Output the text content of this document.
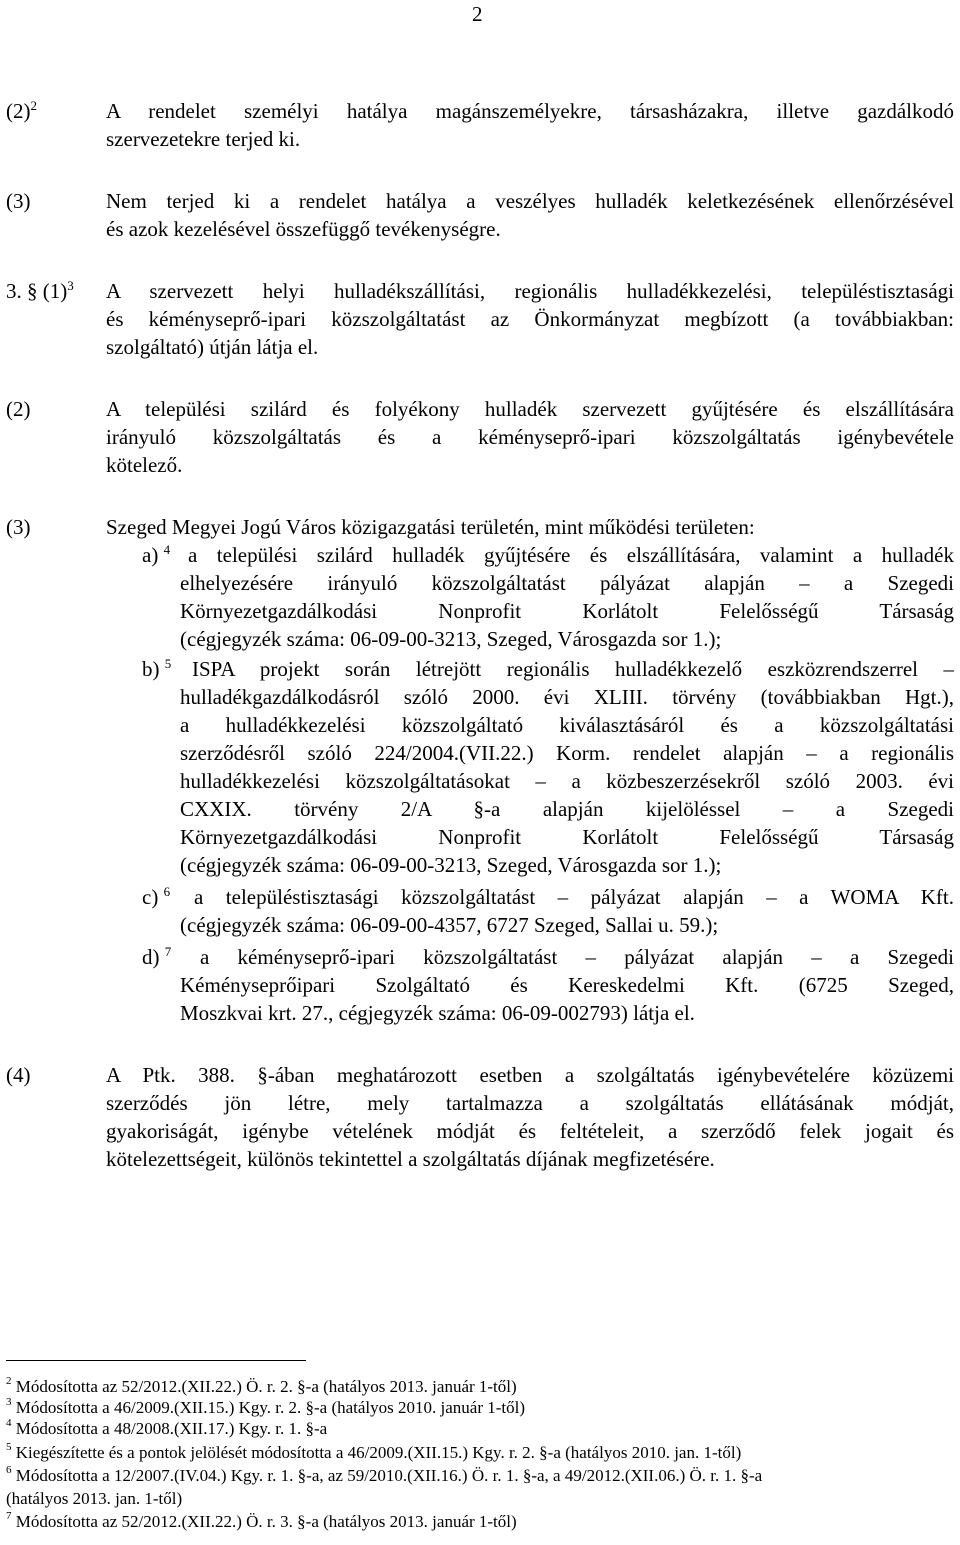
2
$(2)^2$	A rendelet személyi hatálya magánszemélyekre, társasházakra, illetve gazdálkodó
szervezetekre terjed ki.
(3)	Nem terjed ki a rendelet hatálya a veszélyes hulladék keletkezésének ellenőrzésével
és azok kezelésével összefüggő tevékenységre.
3. § $(1)^3$ A szervezett helyi hulladékszállítási, regionális hulladékkezelési, településtisztasági
és kéményseprő-ipari közszolgáltatást az Önkormányzat megbízott (a továbbiakban:
szolgáltató) útján látja el.
(2)	A települési szilárd és folyékony hulladék szervezett gyűjtésére és elszállítására
irányuló közszolgáltatás és a kéményseprő-ipari közszolgáltatás igénybevétele
kötelező.
(3)	Szeged Megyei Jogú Város közigazgatási területén, mint működési területen:
a) $^4$ a települési szilárd hulladék gyűjtésére és elszállítására, valamint a hulladék
elhelyezésére irányuló közszolgáltatást pályázat alapján – a Szegedi
Környezetgazdálkodási Nonprofit Korlátolt Felelősségű Társaság
(cégjegyzék száma: 06-09-00-3213, Szeged, Városgazda sor 1.);
b) $^5$ ISPA projekt során létrejött regionális hulladékkezelő eszközrendszerrel –
hulladékgazdálkodásról szóló 2000. évi XLIII. törvény (továbbiakban Hgt.),
a hulladékkezelési közszolgáltató kiválasztásáról és a közszolgáltatási
szerződésről szóló 224/2004.(VII.22.) Korm. rendelet alapján – a regionális
hulladékkezelési közszolgáltatásokat – a közbeszerzésekről szóló 2003. évi
CXXIX. törvény 2/A §-a alapján kijelöléssel – a Szegedi
Környezetgazdálkodási Nonprofit Korlátolt Felelősségű Társaság
(cégjegyzék száma: 06-09-00-3213, Szeged, Városgazda sor 1.);
c) $^6$ a településtisztasági közszolgáltatást – pályázat alapján – a WOMA Kft.
(cégjegyzék száma: 06-09-00-4357, 6727 Szeged, Sallai u. 59.);
d) $^7$ a kéményseprő-ipari közszolgáltatást – pályázat alapján – a Szegedi
Kéményseprőipari Szolgáltató és Kereskedelmi Kft. (6725 Szeged,
Moszkvai krt. 27., cégjegyzék száma: 06-09-002793) látja el.
(4)	A Ptk. 388. §-ában meghatározott esetben a szolgáltatás igénybevételére közüzemi
szerződés jön létre, mely tartalmazza a szolgáltatás ellátásának módját,
gyakoriságát, igénybe vételének módját és feltételeit, a szerződő felek jogait és
kötelezettségeit, különös tekintettel a szolgáltatás díjának megfizetésére.
$^2$ Módosította az 52/2012.(XII.22.) Ö. r. 2. §-a (hatályos 2013. január 1-től)
$^3$ Módosította a 46/2009.(XII.15.) Kgy. r. 2. §-a (hatályos 2010. január 1-től)
$^4$ Módosította a 48/2008.(XII.17.) Kgy. r. 1. §-a
$^5$ Kiegészítette és a pontok jelölését módosította a 46/2009.(XII.15.) Kgy. r. 2. §-a (hatályos 2010. jan. 1-től)
$^6$ Módosította a 12/2007.(IV.04.) Kgy. r. 1. §-a, az 59/2010.(XII.16.) Ö. r. 1. §-a, a 49/2012.(XII.06.) Ö. r. 1. §-a
(hatályos 2013. jan. 1-től)
$^7$ Módosította az 52/2012.(XII.22.) Ö. r. 3. §-a (hatályos 2013. január 1-től)
